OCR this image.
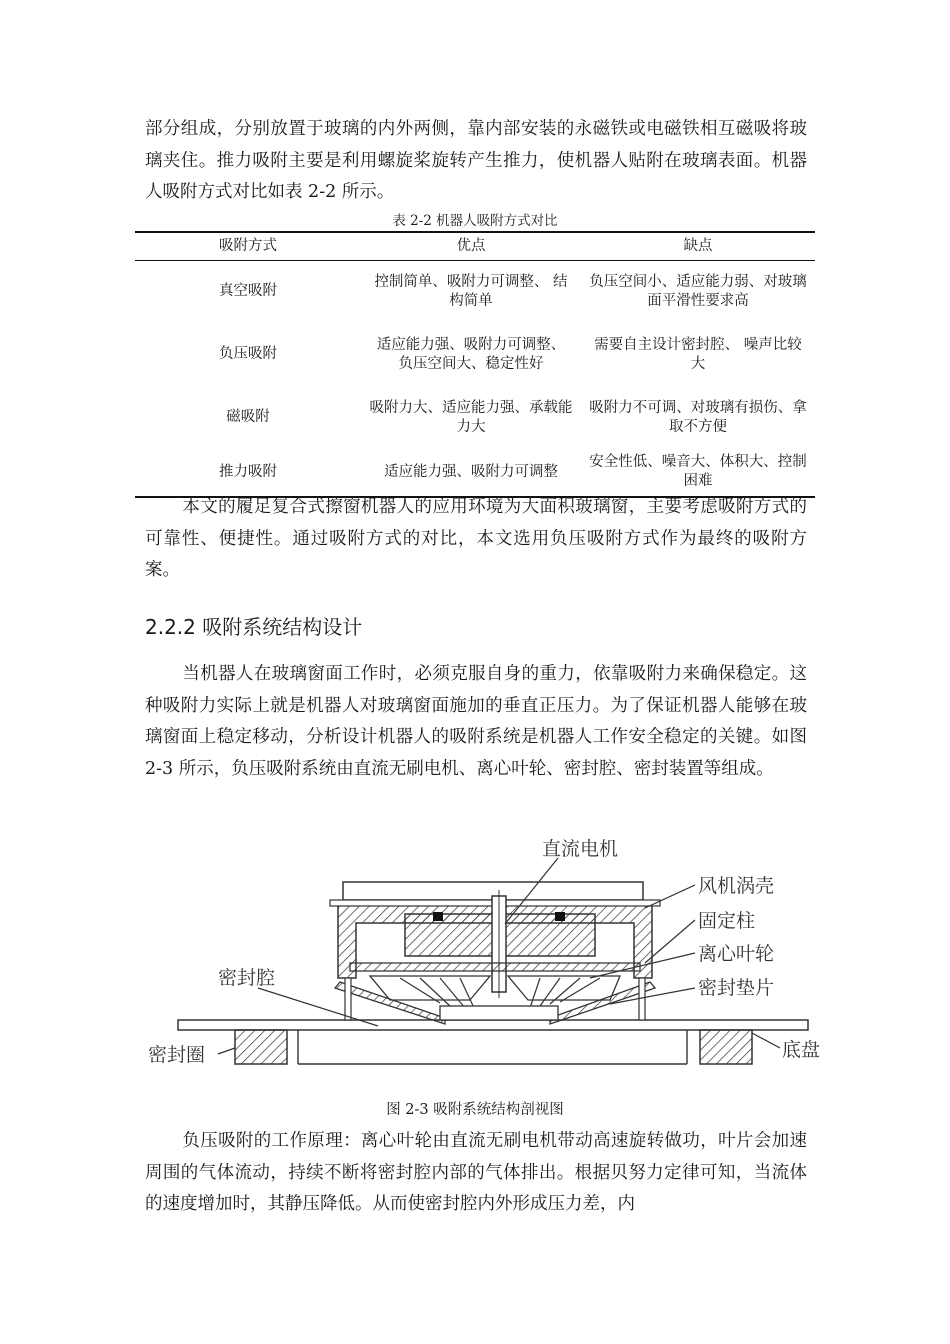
部分组成，分别放置于玻璃的内外两侧，靠内部安装的永磁铁或电磁铁相互磁吸将玻璃夹住。推力吸附主要是利用螺旋桨旋转产生推力，使机器人贴附在玻璃表面。机器人吸附方式对比如表 2-2 所示。

表 2-2 机器人吸附方式对比
吸附方式	优点	缺点
真空吸附	控制简单、吸附力可调整、 结构简单	负压空间小、适应能力弱、对玻璃面平滑性要求高
负压吸附	适应能力强、吸附力可调整、 负压空间大、稳定性好	需要自主设计密封腔、 噪声比较大
磁吸附	吸附力大、适应能力强、承载能力大	吸附力不可调、对玻璃有损伤、拿取不方便
推力吸附	适应能力强、吸附力可调整	安全性低、噪音大、体积大、控制困难

本文的履足复合式擦窗机器人的应用环境为大面积玻璃窗，主要考虑吸附方式的可靠性、便捷性。通过吸附方式的对比，本文选用负压吸附方式作为最终的吸附方案。

2.2.2 吸附系统结构设计

当机器人在玻璃窗面工作时，必须克服自身的重力，依靠吸附力来确保稳定。这种吸附力实际上就是机器人对玻璃窗面施加的垂直正压力。为了保证机器人能够在玻璃窗面上稳定移动，分析设计机器人的吸附系统是机器人工作安全稳定的关键。如图 2-3 所示，负压吸附系统由直流无刷电机、离心叶轮、密封腔、密封装置等组成。

直流电机
风机涡壳
固定柱
离心叶轮
密封垫片
密封腔
密封圈	底盘
图 2-3 吸附系统结构剖视图

负压吸附的工作原理：离心叶轮由直流无刷电机带动高速旋转做功，叶片会加速周围的气体流动，持续不断将密封腔内部的气体排出。根据贝努力定律可知，当流体的速度增加时，其静压降低。从而使密封腔内外形成压力差，内
